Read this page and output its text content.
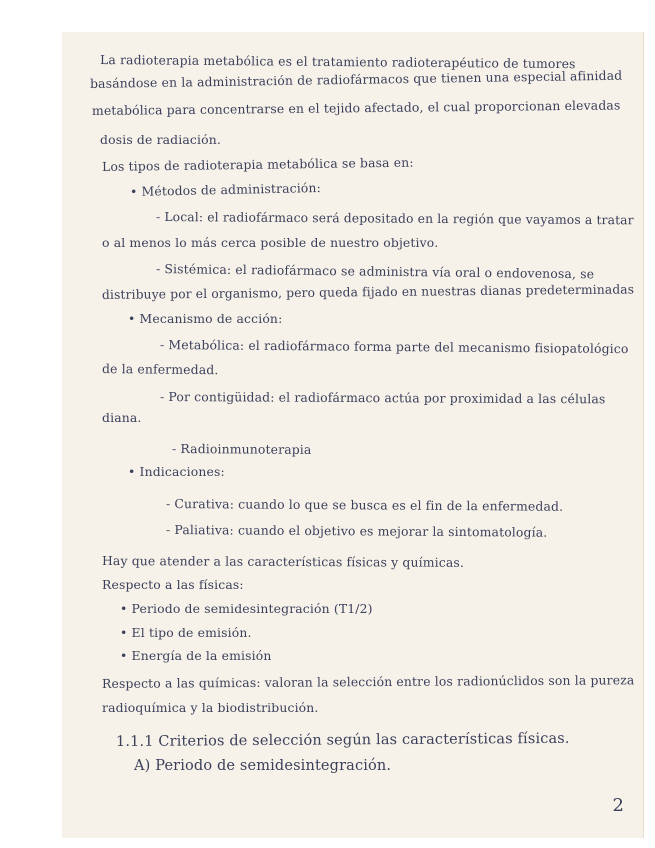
La radioterapia metabólica es el tratamiento radioterapéutico de tumores
basándose en la administración de radiofármacos que tienen una especial afinidad
metabólica para concentrarse en el tejido afectado, el cual proporcionan elevadas
dosis de radiación.
Los tipos de radioterapia metabólica se basa en:
• Métodos de administración:
- Local: el radiofármaco será depositado en la región que vayamos a tratar
o al menos lo más cerca posible de nuestro objetivo.
- Sistémica: el radiofármaco se administra vía oral o endovenosa, se
distribuye por el organismo, pero queda fijado en nuestras dianas predeterminadas
• Mecanismo de acción:
- Metabólica: el radiofármaco forma parte del mecanismo fisiopatológico
de la enfermedad.
- Por contigüidad: el radiofármaco actúa por proximidad a las células
diana.
- Radioinmunoterapia
• Indicaciones:
- Curativa: cuando lo que se busca es el fin de la enfermedad.
- Paliativa: cuando el objetivo es mejorar la sintomatología.
Hay que atender a las características físicas y químicas.
Respecto a las físicas:
• Periodo de semidesintegración (T1/2)
• El tipo de emisión.
• Energía de la emisión
Respecto a las químicas: valoran la selección entre los radionúclidos son la pureza
radioquímica y la biodistribución.
1.1.1 Criterios de selección según las características físicas.
A) Periodo de semidesintegración.
2
